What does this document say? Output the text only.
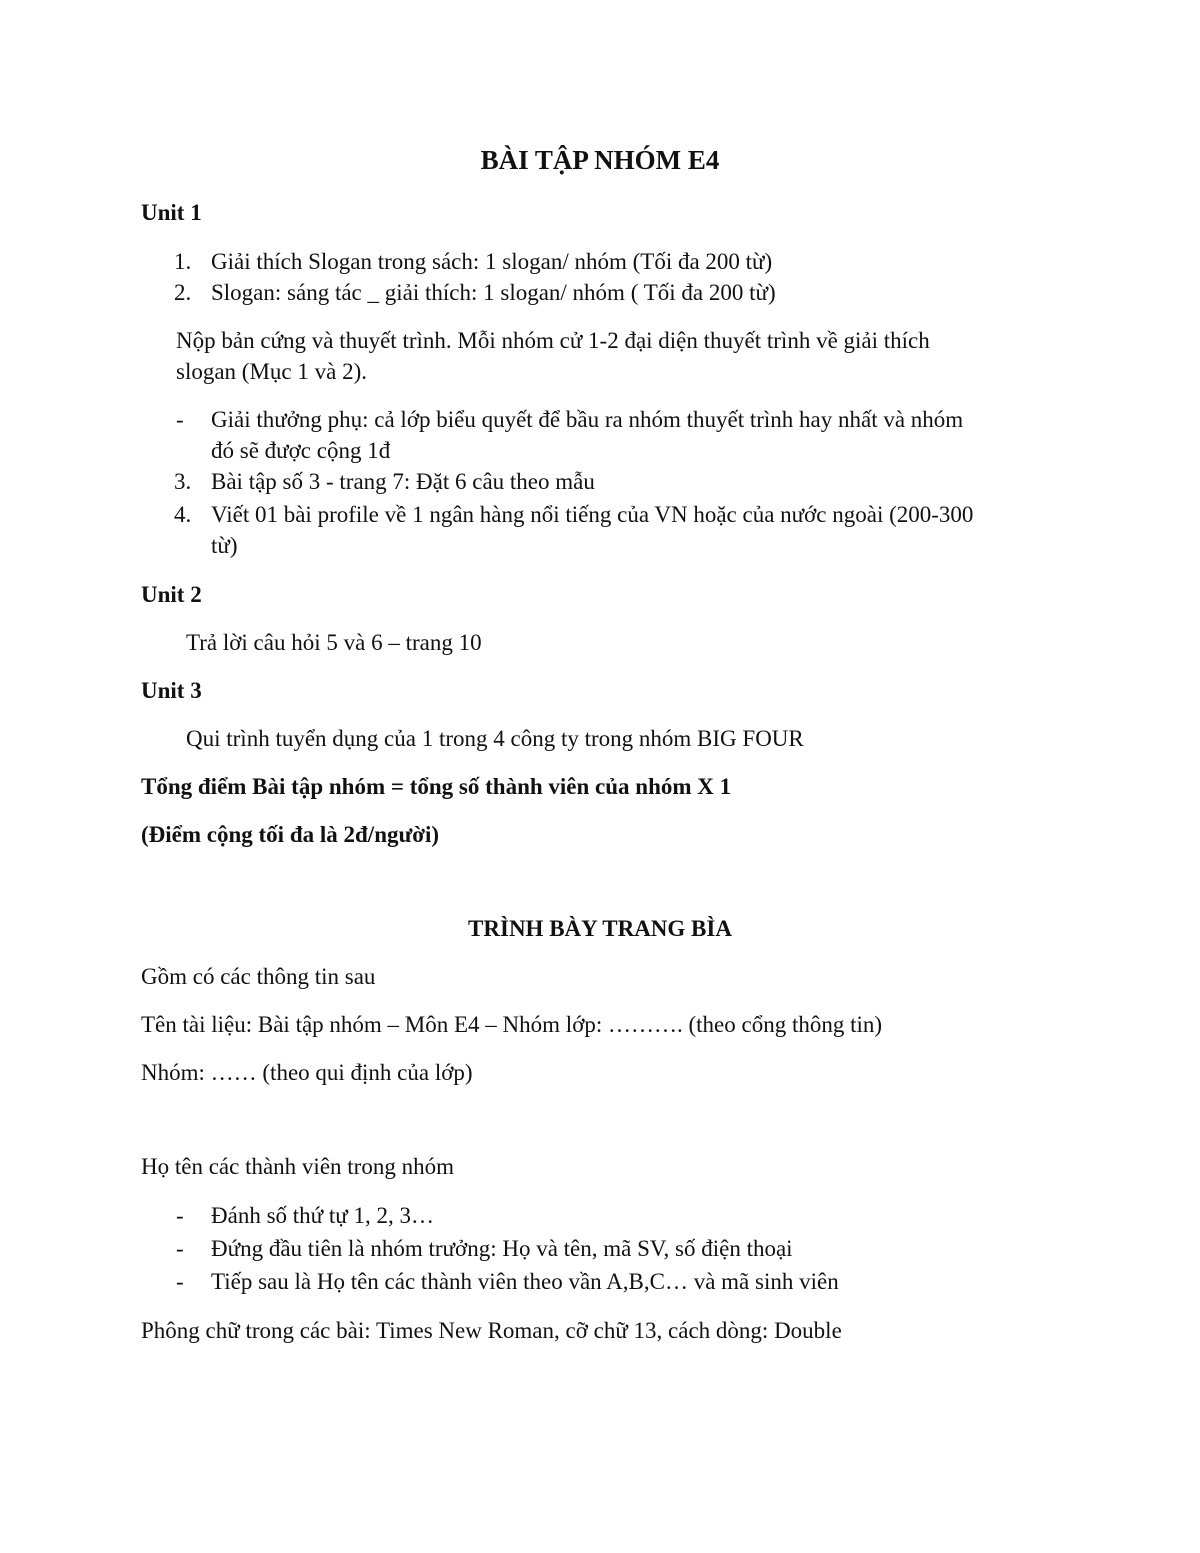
BÀI TẬP NHÓM E4
Unit 1
1. Giải thích Slogan trong sách: 1 slogan/ nhóm (Tối đa 200 từ)
2. Slogan: sáng tác _ giải thích: 1 slogan/ nhóm ( Tối đa 200 từ)
Nộp bản cứng và thuyết trình. Mỗi nhóm cử 1-2 đại diện thuyết trình về giải thích
slogan (Mục 1 và 2).
- Giải thưởng phụ: cả lớp biểu quyết để bầu ra nhóm thuyết trình hay nhất và nhóm
đó sẽ được cộng 1đ
3. Bài tập số 3 - trang 7: Đặt 6 câu theo mẫu
4. Viết 01 bài profile về 1 ngân hàng nổi tiếng của VN hoặc của nước ngoài (200-300
từ)
Unit 2
Trả lời câu hỏi 5 và 6 – trang 10
Unit 3
Qui trình tuyển dụng của 1 trong 4 công ty trong nhóm BIG FOUR
Tổng điểm Bài tập nhóm = tổng số thành viên của nhóm X 1
(Điểm cộng tối đa là 2đ/người)
TRÌNH BÀY TRANG BÌA
Gồm có các thông tin sau
Tên tài liệu: Bài tập nhóm – Môn E4 – Nhóm lớp: ………. (theo cổng thông tin)
Nhóm: …… (theo qui định của lớp)
Họ tên các thành viên trong nhóm
- Đánh số thứ tự 1, 2, 3…
- Đứng đầu tiên là nhóm trưởng: Họ và tên, mã SV, số điện thoại
- Tiếp sau là Họ tên các thành viên theo vần A,B,C… và mã sinh viên
Phông chữ trong các bài: Times New Roman, cỡ chữ 13, cách dòng: Double
